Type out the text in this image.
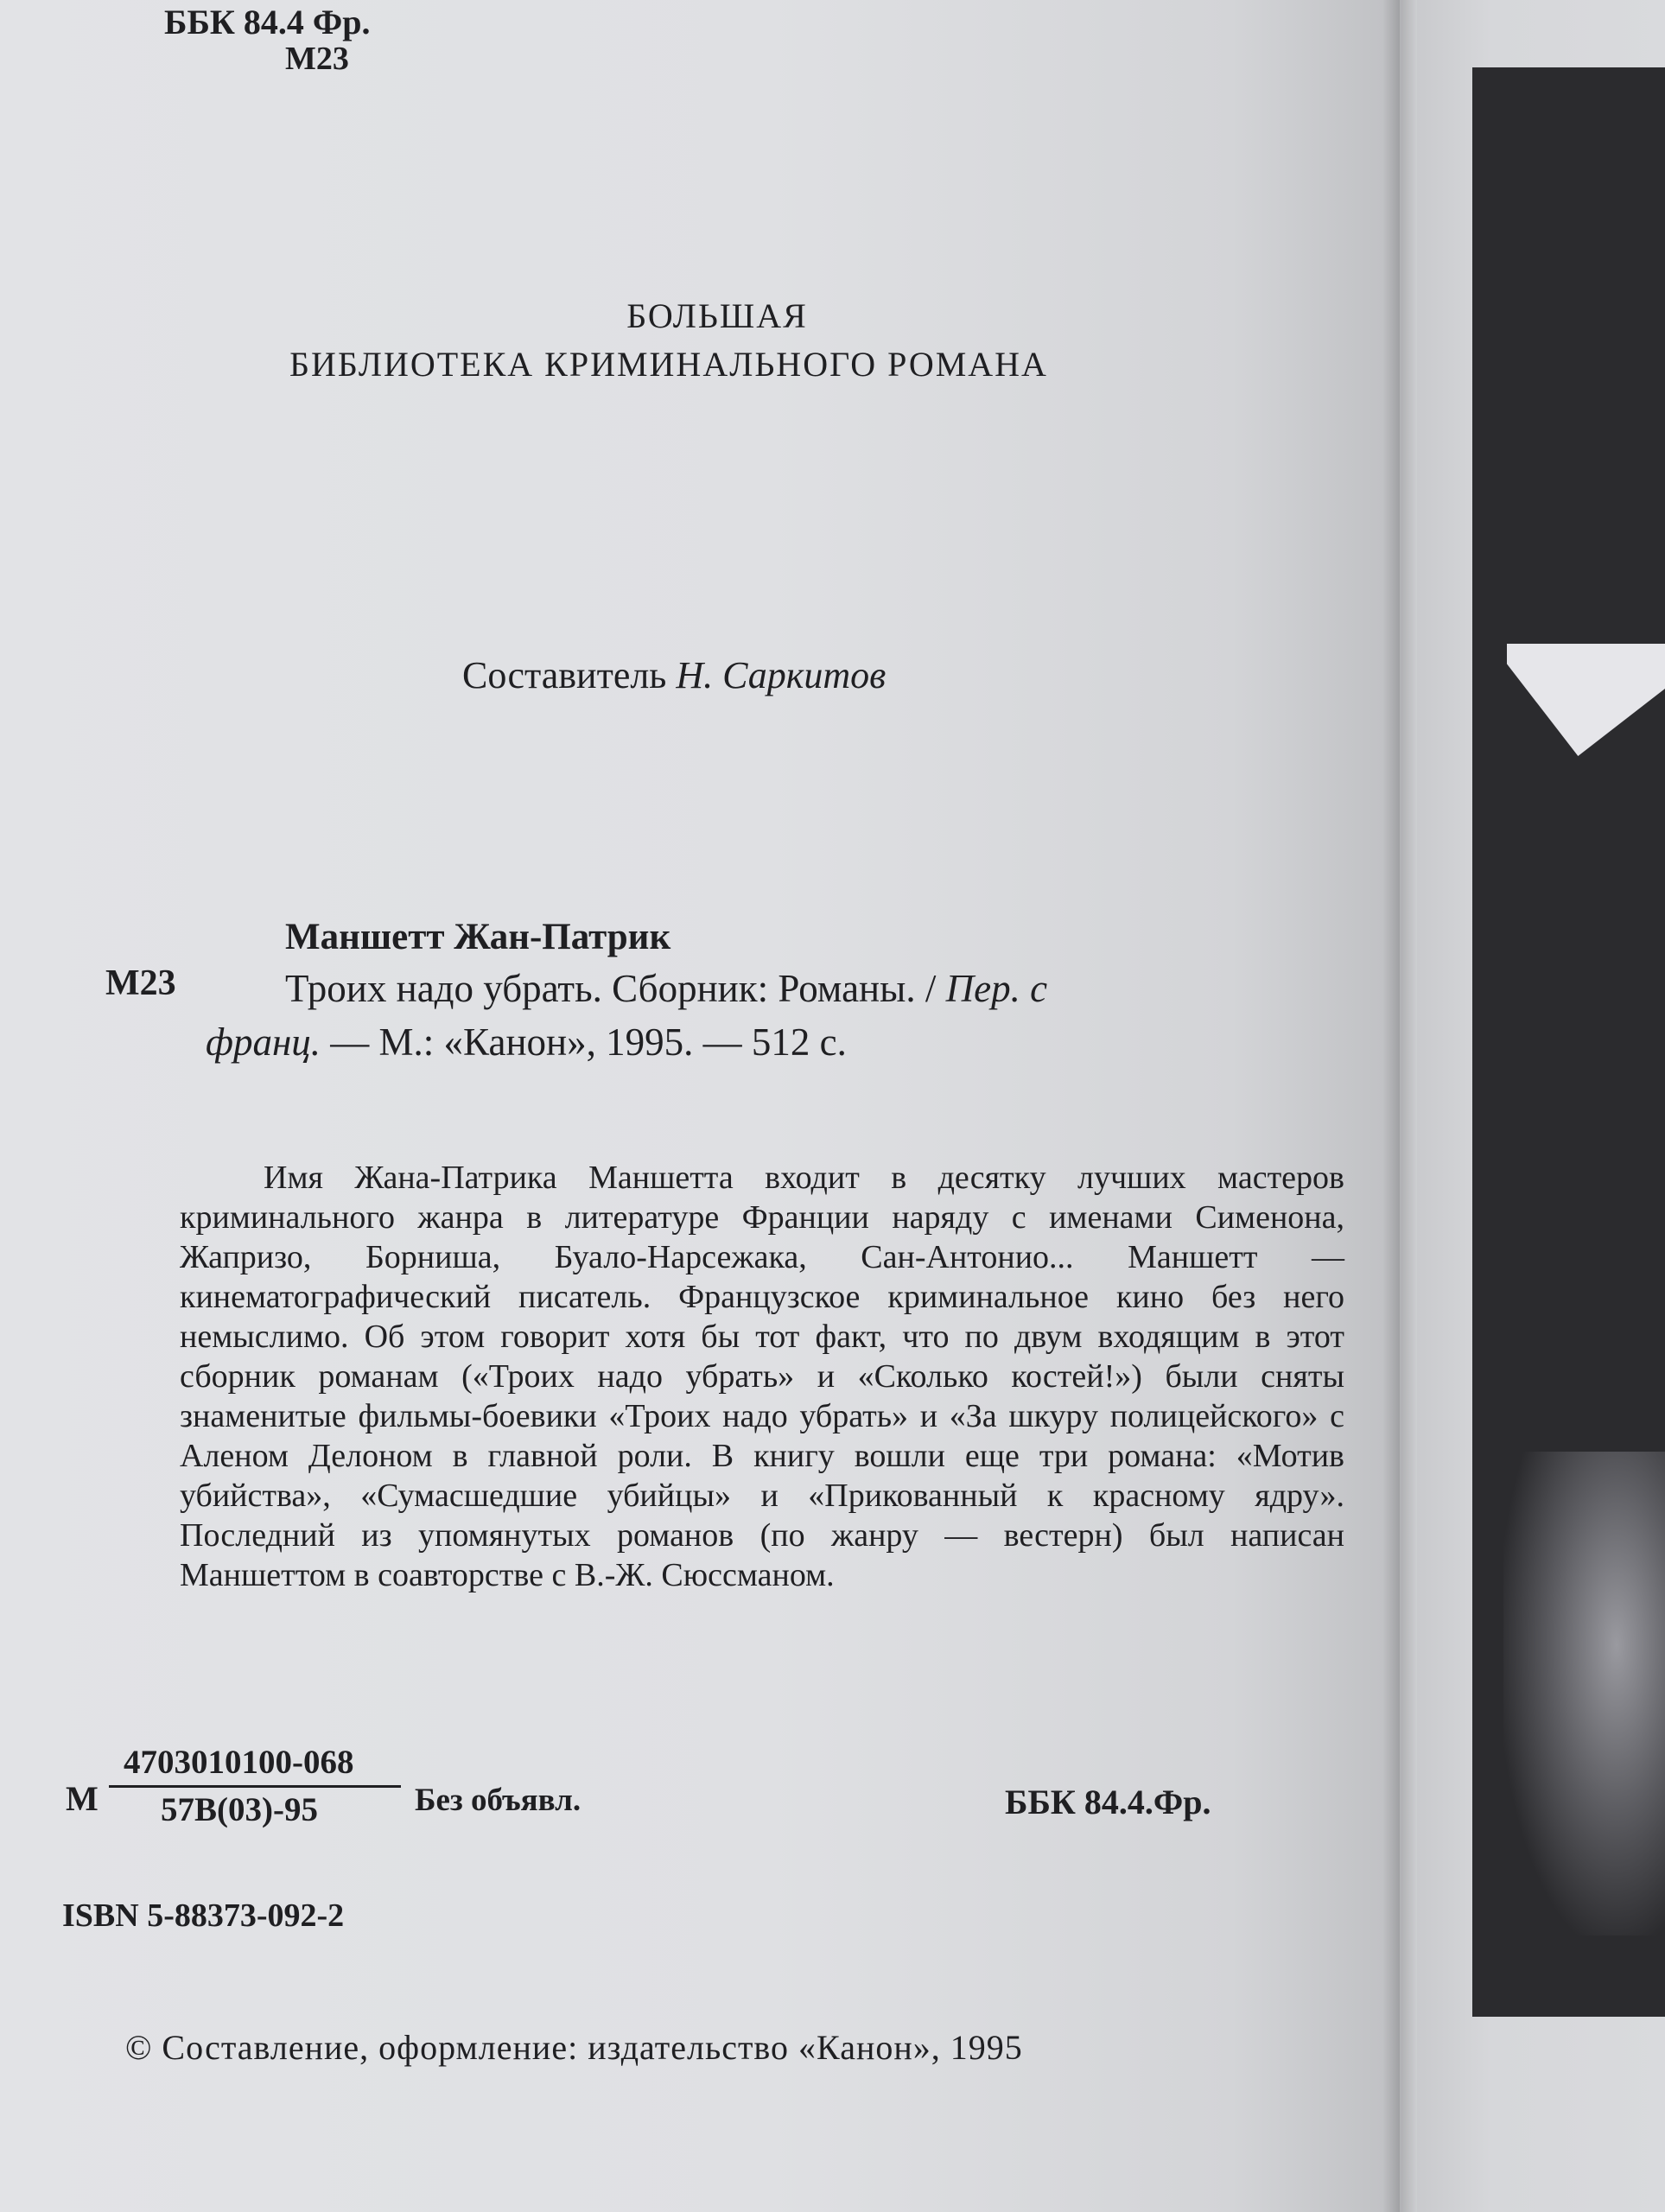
ББК 84.4 Фр.
М23
БОЛЬШАЯ
БИБЛИОТЕКА КРИМИНАЛЬНОГО РОМАНА
Составитель Н. Саркитов
Маншетт Жан-Патрик
М23	Троих надо убрать. Сборник: Романы. / Пер. с
франц. — М.: «Канон», 1995. — 512 с.
Имя Жана-Патрика Маншетта входит в десятку лучших мастеров криминального жанра в литературе Франции наряду с именами Сименона, Жапризо, Борниша, Буало-Нарсежака, Сан-Антонио... Маншетт — кинематографический писатель. Французское криминальное кино без него немыслимо. Об этом говорит хотя бы тот факт, что по двум входящим в этот сборник романам («Троих надо убрать» и «Сколько костей!») были сняты знаменитые фильмы-боевики «Троих надо убрать» и «За шкуру полицейского» с Аленом Делоном в главной роли. В книгу вошли еще три романа: «Мотив убийства», «Сумасшедшие убийцы» и «Прикованный к красному ядру». Последний из упомянутых романов (по жанру — вестерн) был написан Маншеттом в соавторстве с В.-Ж. Сюссманом.
М
4703010100-068
57В(03)-95	Без объявл.	ББК 84.4.Фр.
ISBN 5-88373-092-2
© Составление, оформление: издательство «Канон», 1995
